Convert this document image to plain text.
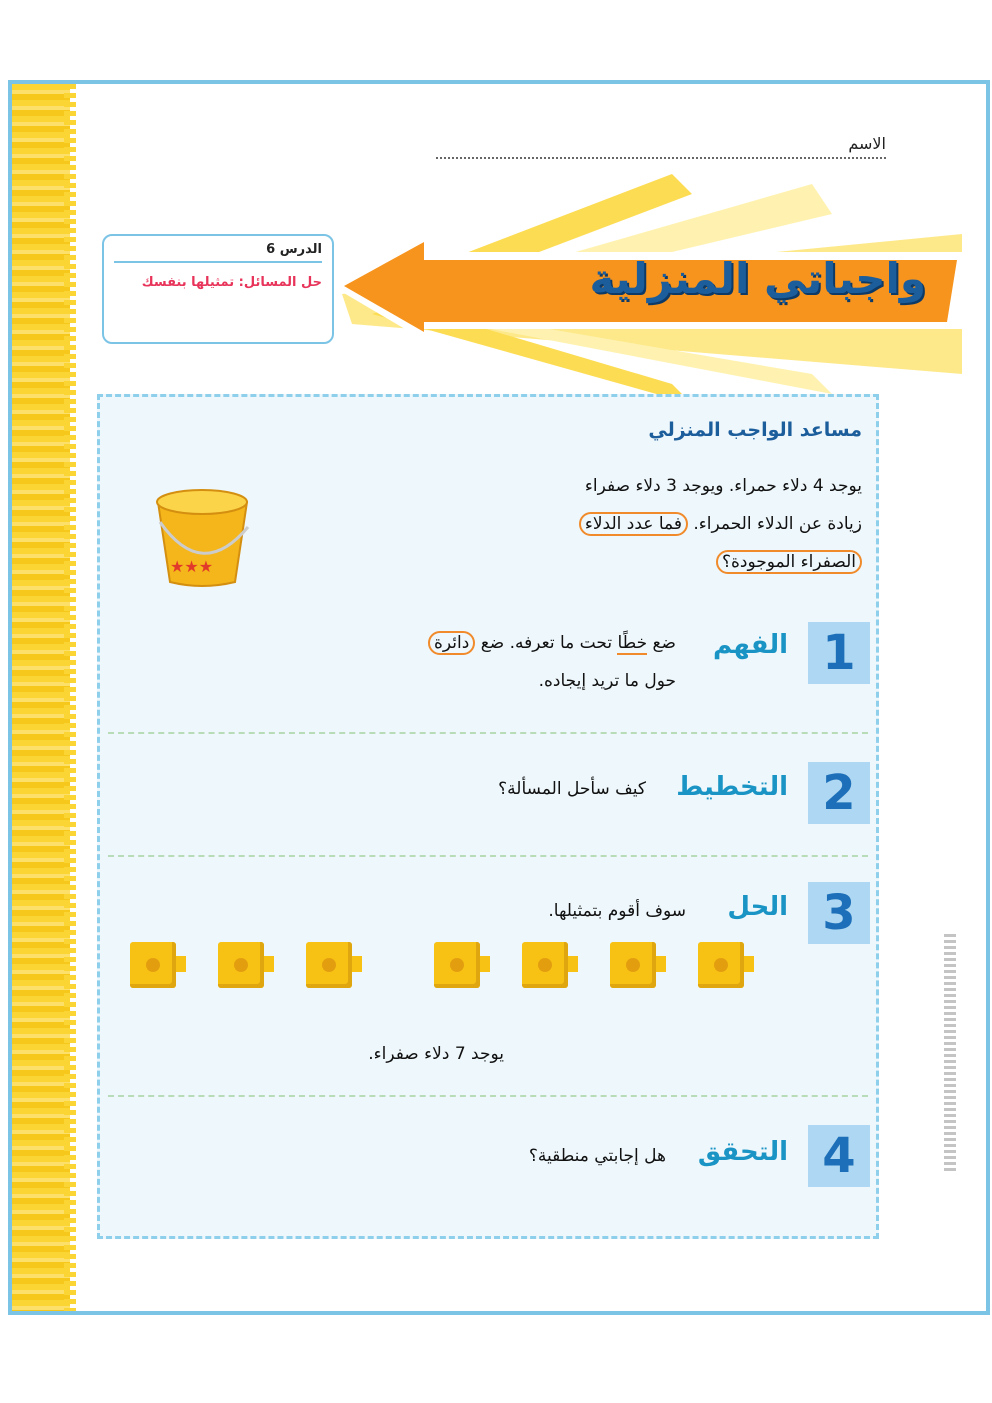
الاسم
واجباتي المنزلية
الدرس 6
حل المسائل: تمثيلها بنفسك
مساعد الواجب المنزلي
يوجد 4 دلاء حمراء. ويوجد 3 دلاء صفراء
زيادة عن الدلاء الحمراء. فما عدد الدلاء
الصفراء الموجودة؟
★★★
1
الفهم
ضع خطًا تحت ما تعرفه. ضع دائرة
حول ما تريد إيجاده.
2
التخطيط
كيف سأحل المسألة؟
3
الحل
سوف أقوم بتمثيلها.
يوجد 7 دلاء صفراء.
4
التحقق
هل إجابتي منطقية؟
